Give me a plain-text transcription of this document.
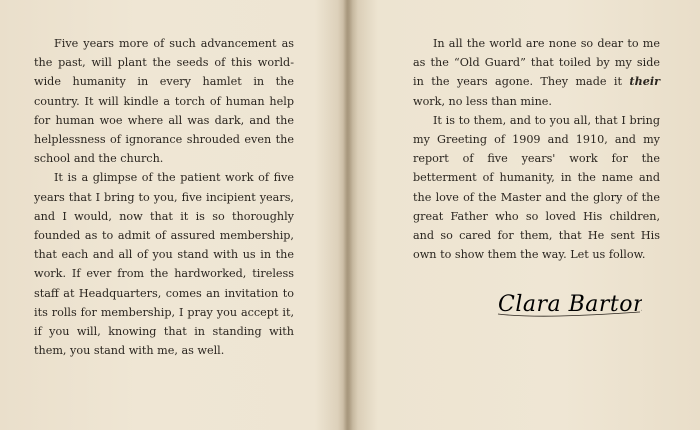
Five years more of such advancement as the past, will plant the seeds of this world-wide humanity in every hamlet in the country. It will kindle a torch of human help for human woe where all was dark, and the helplessness of ignorance shrouded even the school and the church.

It is a glimpse of the patient work of five years that I bring to you, five incipient years, and I would, now that it is so thoroughly founded as to admit of assured membership, that each and all of you stand with us in the work. If ever from the hardworked, tireless staff at Headquarters, comes an invitation to its rolls for membership, I pray you accept it, if you will, knowing that in standing with them, you stand with me, as well.

In all the world are none so dear to me as the “Old Guard” that toiled by my side in the years agone. They made it their work, no less than mine.

It is to them, and to you all, that I bring my Greeting of 1909 and 1910, and my report of five years' work for the betterment of humanity, in the name and the love of the Master and the glory of the great Father who so loved His children, and so cared for them, that He sent His own to show them the way. Let us follow.

Clara Barton
